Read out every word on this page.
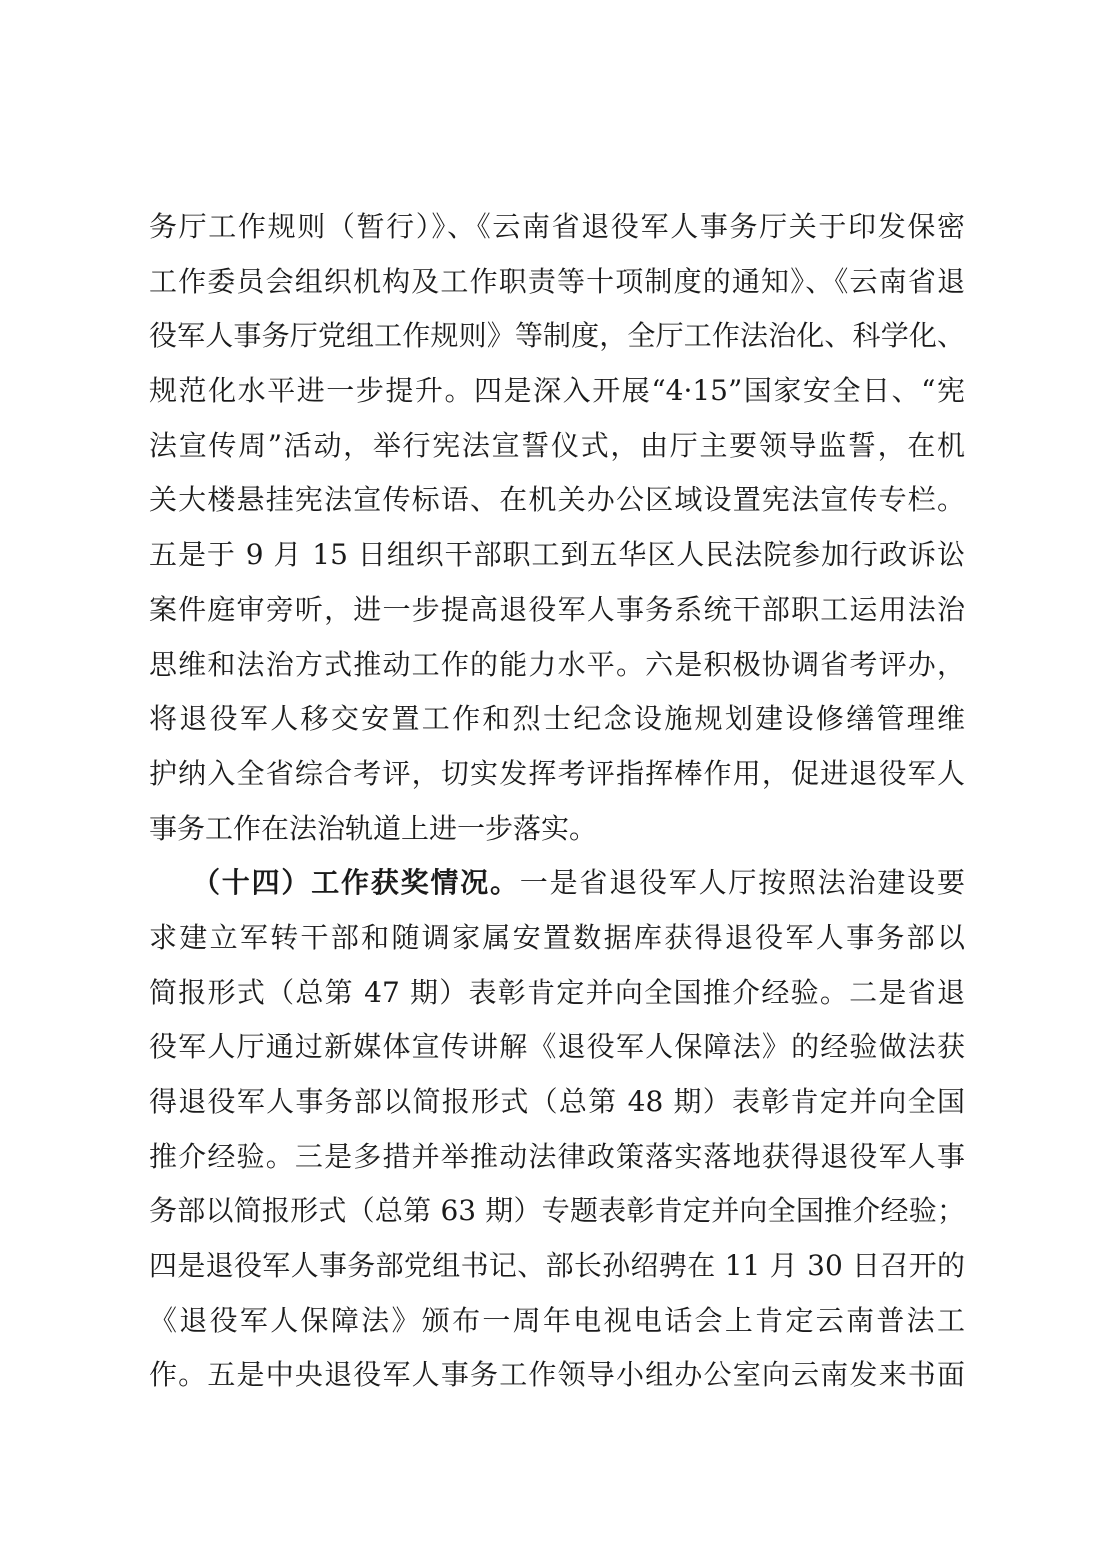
务厅工作规则（暂行）》、《云南省退役军人事务厅关于印发保密
工作委员会组织机构及工作职责等十项制度的通知》、《云南省退
役军人事务厅党组工作规则》等制度，全厅工作法治化、科学化、
规范化水平进一步提升。四是深入开展“4·15”国家安全日、“宪
法宣传周”活动，举行宪法宣誓仪式，由厅主要领导监誓，在机
关大楼悬挂宪法宣传标语、在机关办公区域设置宪法宣传专栏。
五是于 9 月 15 日组织干部职工到五华区人民法院参加行政诉讼
案件庭审旁听，进一步提高退役军人事务系统干部职工运用法治
思维和法治方式推动工作的能力水平。六是积极协调省考评办，
将退役军人移交安置工作和烈士纪念设施规划建设修缮管理维
护纳入全省综合考评，切实发挥考评指挥棒作用，促进退役军人
事务工作在法治轨道上进一步落实。
（十四）工作获奖情况。一是省退役军人厅按照法治建设要
求建立军转干部和随调家属安置数据库获得退役军人事务部以
简报形式（总第 47 期）表彰肯定并向全国推介经验。二是省退
役军人厅通过新媒体宣传讲解《退役军人保障法》的经验做法获
得退役军人事务部以简报形式（总第 48 期）表彰肯定并向全国
推介经验。三是多措并举推动法律政策落实落地获得退役军人事
务部以简报形式（总第 63 期）专题表彰肯定并向全国推介经验；
四是退役军人事务部党组书记、部长孙绍骋在 11 月 30 日召开的
《退役军人保障法》颁布一周年电视电话会上肯定云南普法工
作。五是中央退役军人事务工作领导小组办公室向云南发来书面
